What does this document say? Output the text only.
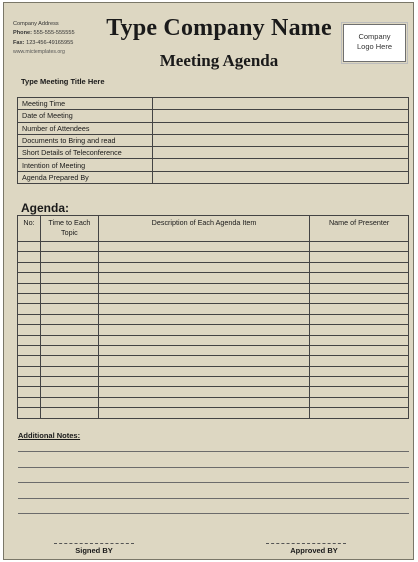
Company Address
Phone: 555-555-555555
Fax: 123-456-49165955
www.mictemplates.org
Type Company Name
Meeting Agenda
Company
Logo Here
Type Meeting Title Here
Meeting Time	
Date of Meeting	
Number of Attendees	
Documents to Bring and read	
Short Details of Teleconference	
Intention of Meeting	
Agenda Prepared By	
Agenda:
No:	Time to Each Topic	Description of Each Agenda Item	Name of Presenter

Additional Notes:
Signed BY	Approved BY
